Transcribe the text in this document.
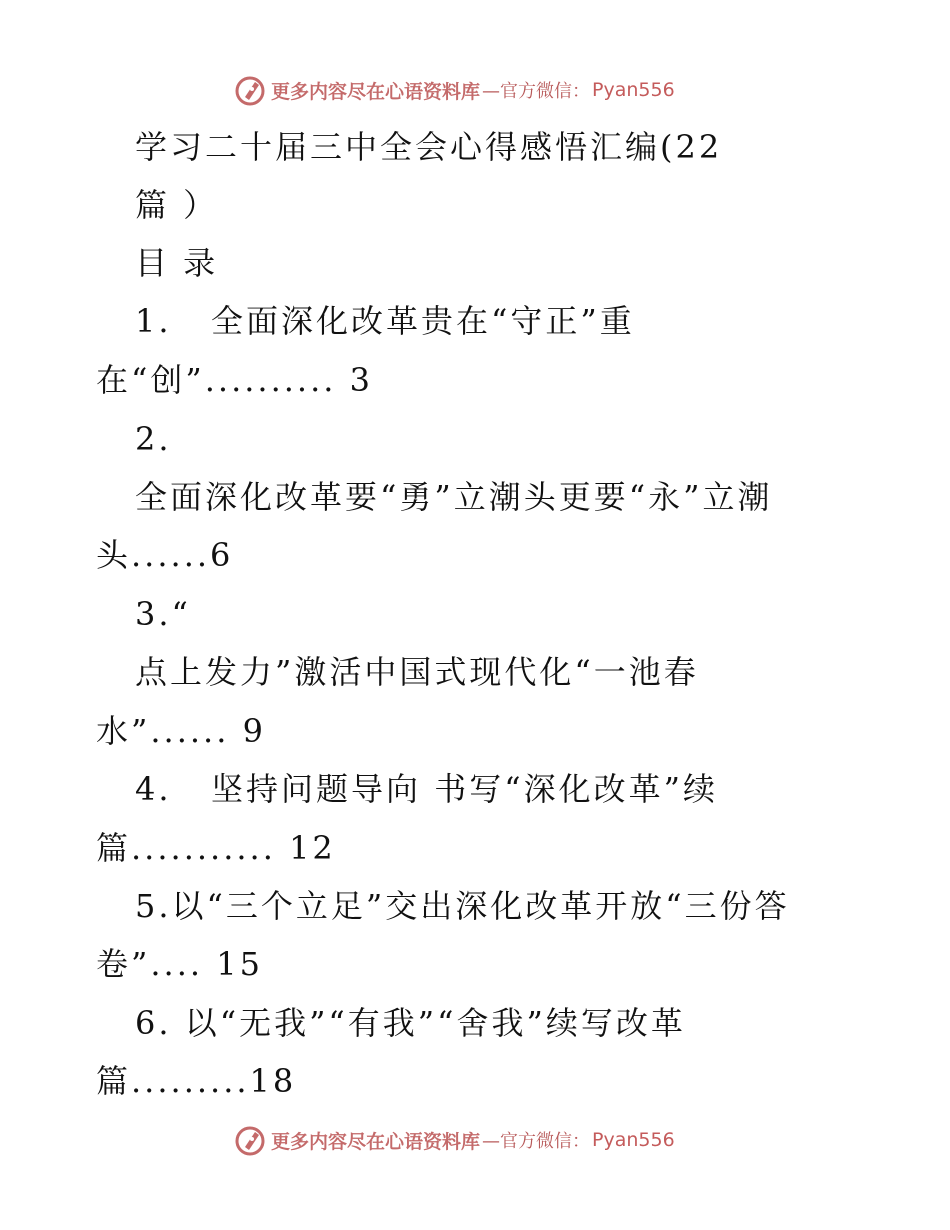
更多内容尽在心语资料库 —官方微信： Pyan556
学习二十届三中全会心得感悟汇编(22
篇 ）
目 录
1.   全面深化改革贵在“守正”重
在“创”.......... 3
2.
全面深化改革要“勇”立潮头更要“永”立潮
头......6
3.“
点上发力”激活中国式现代化“一池春
水”...... 9
4.   坚持问题导向 书写“深化改革”续
篇........... 12
5.以“三个立足”交出深化改革开放“三份答
卷”.... 15
6. 以“无我”“有我”“舍我”续写改革
篇.........18
更多内容尽在心语资料库 —官方微信： Pyan556
